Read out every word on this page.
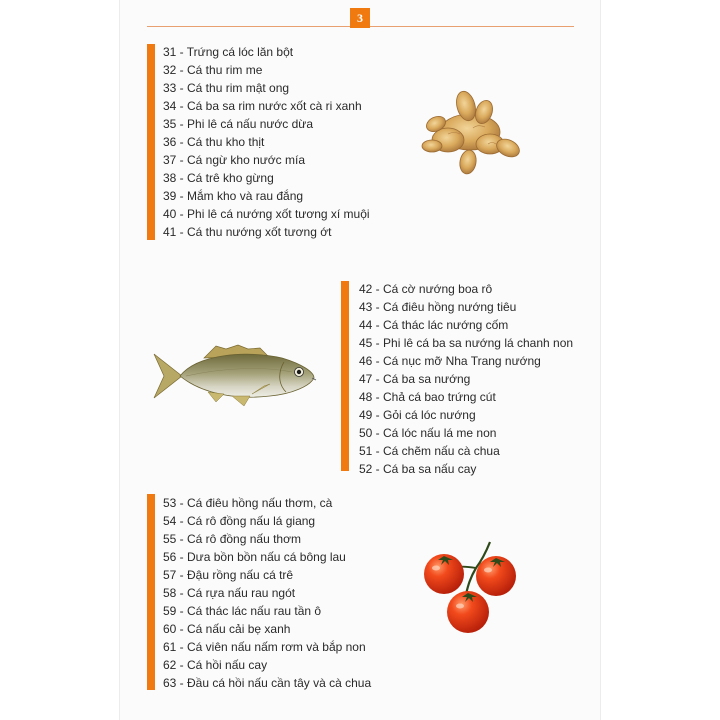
3
31 - Trứng cá lóc lăn bột
32 - Cá thu rim me
33 - Cá thu rim mật ong
34 - Cá ba sa rim nước xốt cà ri xanh
35 - Phi lê cá nấu nước dừa
36 - Cá thu kho thịt
37 - Cá ngừ kho nước mía
38 - Cá trê kho gừng
39 - Mắm kho và rau đắng
40 - Phi lê cá nướng xốt tương xí muội
41 - Cá thu nướng xốt tương ớt
42 - Cá cờ nướng boa rô
43 - Cá điêu hồng nướng tiêu
44 - Cá thác lác nướng cốm
45 - Phi lê cá ba sa nướng lá chanh non
46 - Cá nục mỡ Nha Trang nướng
47 - Cá ba sa nướng
48 - Chả cá bao trứng cút
49 - Gỏi cá lóc nướng
50 - Cá lóc nấu lá me non
51 - Cá chẽm nấu cà chua
52 - Cá ba sa nấu cay
53 - Cá điêu hồng nấu thơm, cà
54 - Cá rô đồng nấu lá giang
55 - Cá rô đồng nấu thơm
56 - Dưa bồn bồn nấu cá bông lau
57 - Đậu rồng nấu cá trê
58 - Cá rựa nấu rau ngót
59 - Cá thác lác nấu rau tần ô
60 - Cá nấu cải bẹ xanh
61 - Cá viên nấu nấm rơm và bắp non
62 - Cá hồi nấu cay
63 - Đầu cá hồi nấu cần tây và cà chua
